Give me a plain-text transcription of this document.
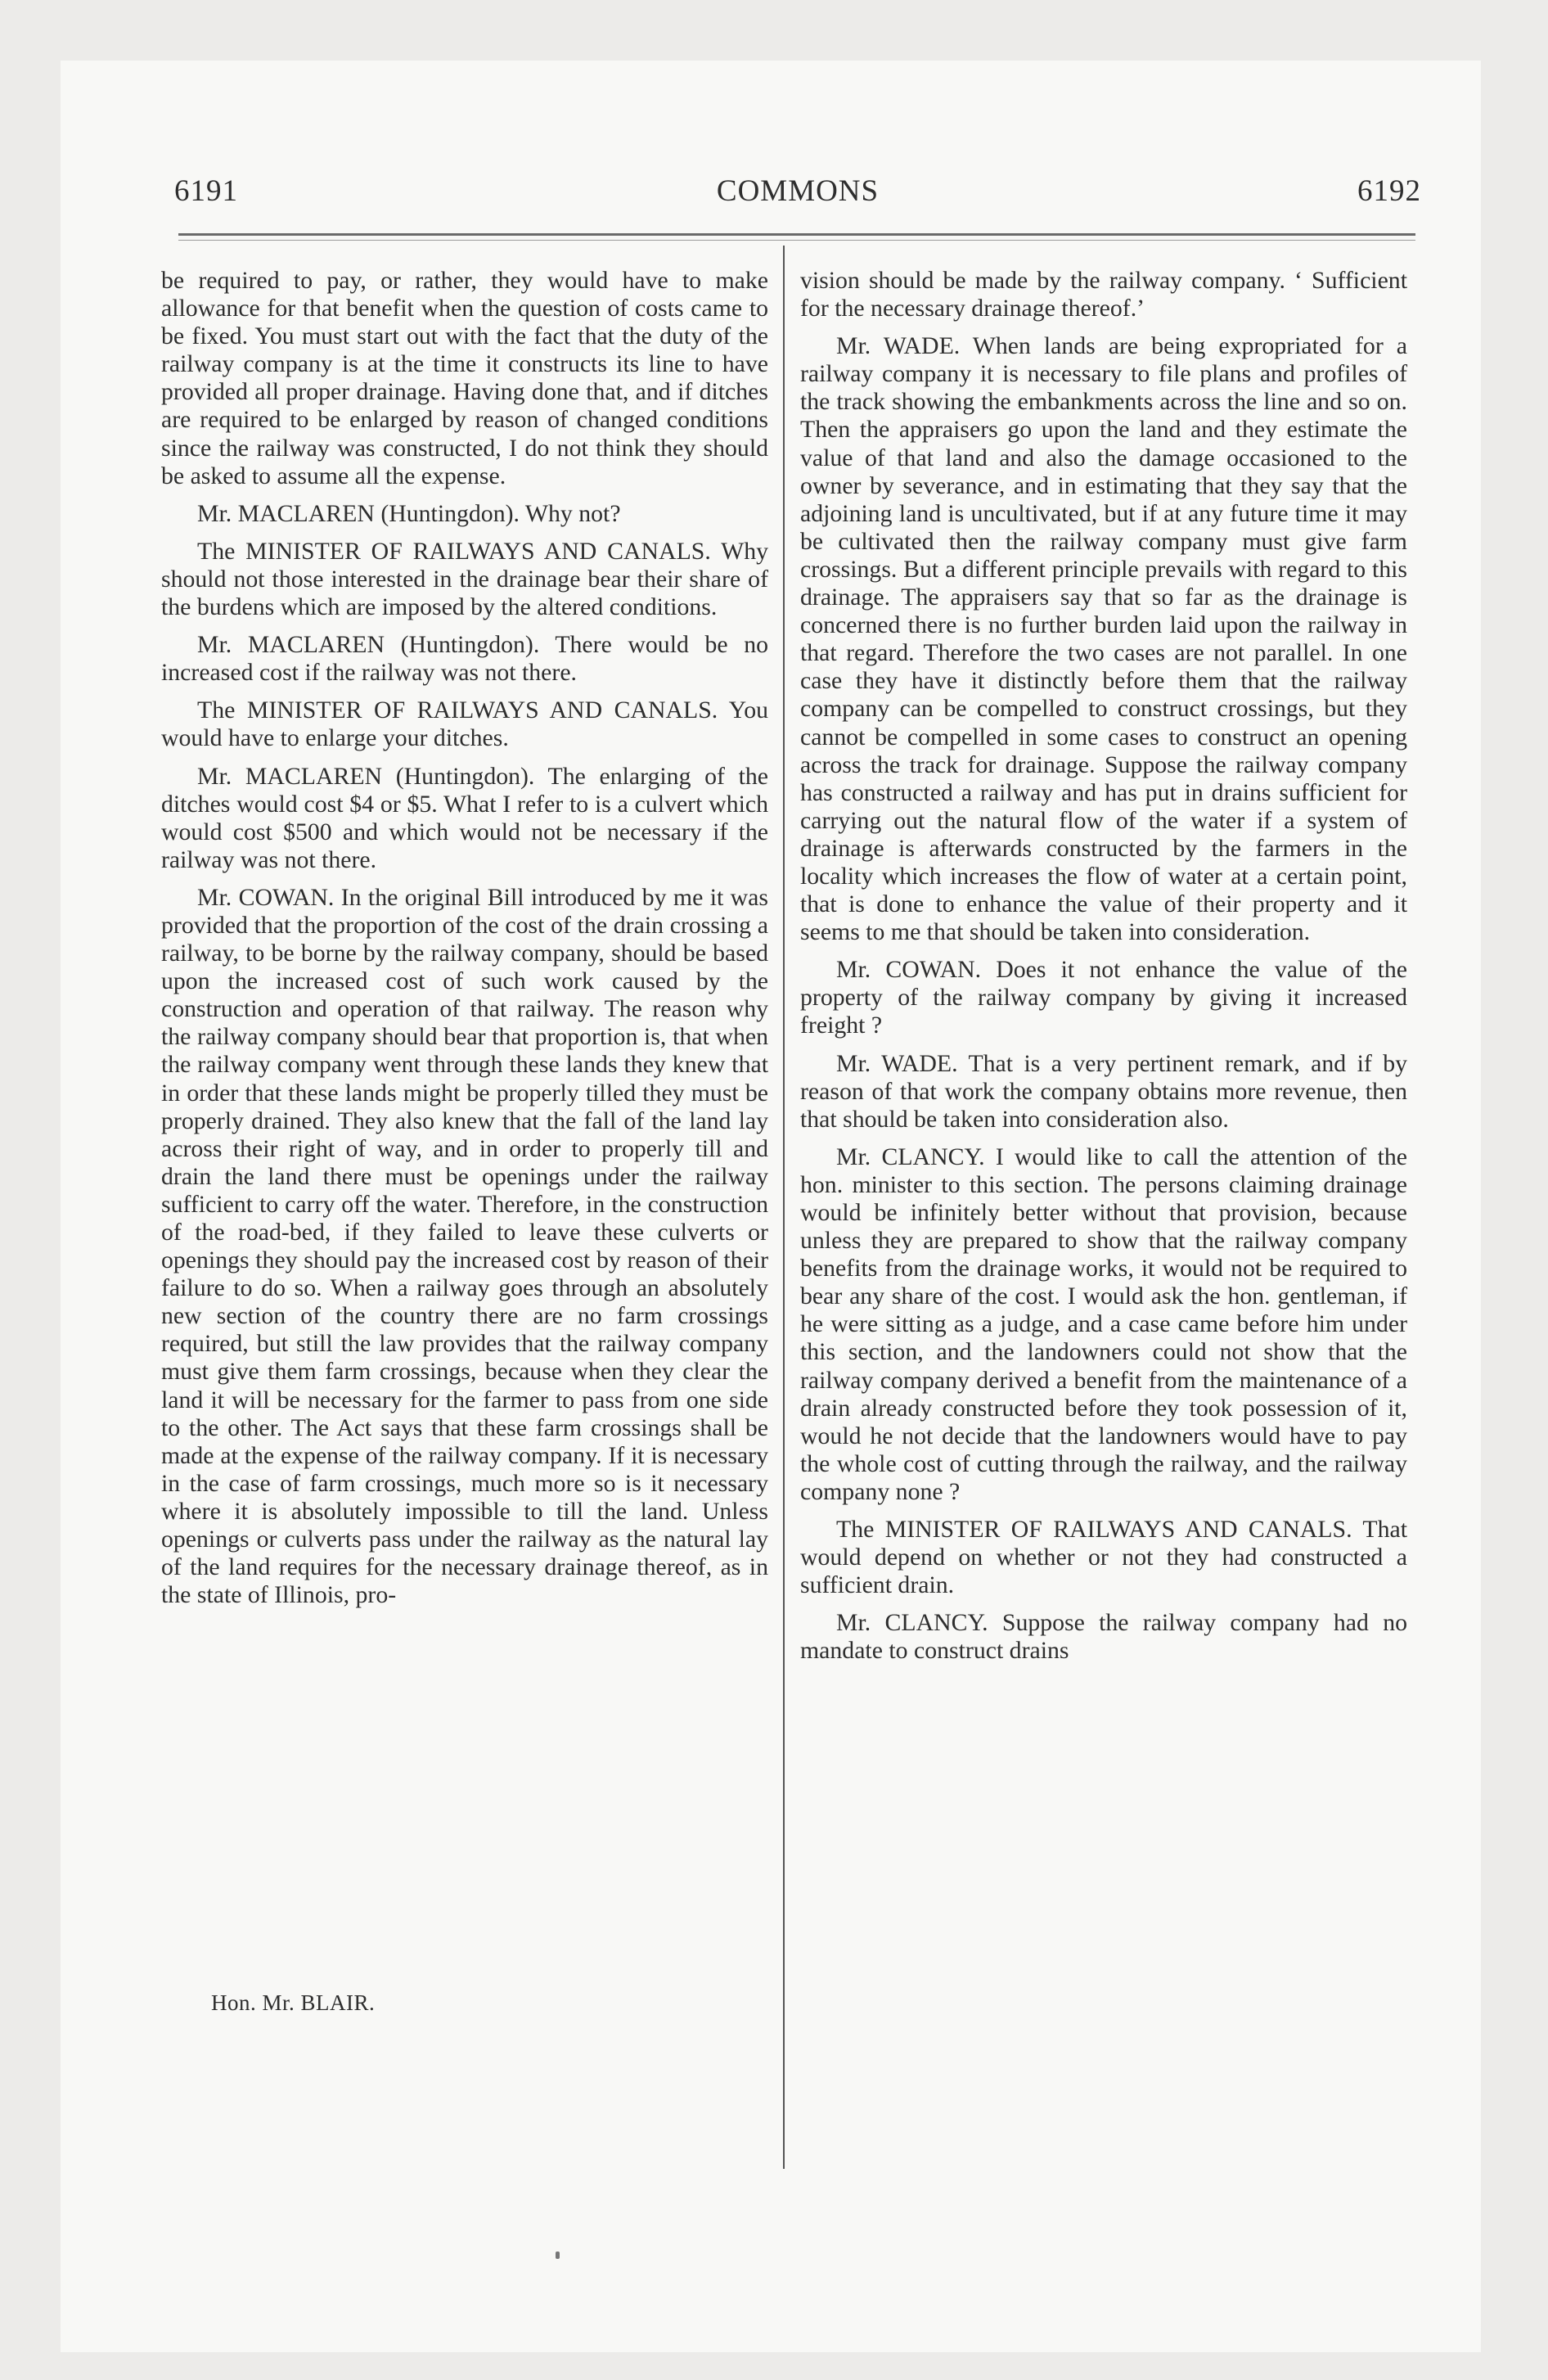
6191	COMMONS	6192

be required to pay, or rather, they would have to make allowance for that benefit when the question of costs came to be fixed. You must start out with the fact that the duty of the railway company is at the time it constructs its line to have provided all proper drainage. Having done that, and if ditches are required to be enlarged by reason of changed conditions since the railway was constructed, I do not think they should be asked to assume all the expense.

Mr. MACLAREN (Huntingdon). Why not?

The MINISTER OF RAILWAYS AND CANALS. Why should not those interested in the drainage bear their share of the burdens which are imposed by the altered conditions.

Mr. MACLAREN (Huntingdon). There would be no increased cost if the railway was not there.

The MINISTER OF RAILWAYS AND CANALS. You would have to enlarge your ditches.

Mr. MACLAREN (Huntingdon). The enlarging of the ditches would cost $4 or $5. What I refer to is a culvert which would cost $500 and which would not be necessary if the railway was not there.

Mr. COWAN. In the original Bill introduced by me it was provided that the proportion of the cost of the drain crossing a railway, to be borne by the railway company, should be based upon the increased cost of such work caused by the construction and operation of that railway. The reason why the railway company should bear that proportion is, that when the railway company went through these lands they knew that in order that these lands might be properly tilled they must be properly drained. They also knew that the fall of the land lay across their right of way, and in order to properly till and drain the land there must be openings under the railway sufficient to carry off the water. Therefore, in the construction of the road-bed, if they failed to leave these culverts or openings they should pay the increased cost by reason of their failure to do so. When a railway goes through an absolutely new section of the country there are no farm crossings required, but still the law provides that the railway company must give them farm crossings, because when they clear the land it will be necessary for the farmer to pass from one side to the other. The Act says that these farm crossings shall be made at the expense of the railway company. If it is necessary in the case of farm crossings, much more so is it necessary where it is absolutely impossible to till the land. Unless openings or culverts pass under the railway as the natural lay of the land requires for the necessary drainage thereof, as in the state of Illinois, pro-

vision should be made by the railway company. ‘ Sufficient for the necessary drainage thereof.’

Mr. WADE. When lands are being expropriated for a railway company it is necessary to file plans and profiles of the track showing the embankments across the line and so on. Then the appraisers go upon the land and they estimate the value of that land and also the damage occasioned to the owner by severance, and in estimating that they say that the adjoining land is uncultivated, but if at any future time it may be cultivated then the railway company must give farm crossings. But a different principle prevails with regard to this drainage. The appraisers say that so far as the drainage is concerned there is no further burden laid upon the railway in that regard. Therefore the two cases are not parallel. In one case they have it distinctly before them that the railway company can be compelled to construct crossings, but they cannot be compelled in some cases to construct an opening across the track for drainage. Suppose the railway company has constructed a railway and has put in drains sufficient for carrying out the natural flow of the water if a system of drainage is afterwards constructed by the farmers in the locality which increases the flow of water at a certain point, that is done to enhance the value of their property and it seems to me that should be taken into consideration.

Mr. COWAN. Does it not enhance the value of the property of the railway company by giving it increased freight ?

Mr. WADE. That is a very pertinent remark, and if by reason of that work the company obtains more revenue, then that should be taken into consideration also.

Mr. CLANCY. I would like to call the attention of the hon. minister to this section. The persons claiming drainage would be infinitely better without that provision, because unless they are prepared to show that the railway company benefits from the drainage works, it would not be required to bear any share of the cost. I would ask the hon. gentleman, if he were sitting as a judge, and a case came before him under this section, and the landowners could not show that the railway company derived a benefit from the maintenance of a drain already constructed before they took possession of it, would he not decide that the landowners would have to pay the whole cost of cutting through the railway, and the railway company none ?

The MINISTER OF RAILWAYS AND CANALS. That would depend on whether or not they had constructed a sufficient drain.

Mr. CLANCY. Suppose the railway company had no mandate to construct drains

Hon. Mr. BLAIR.
